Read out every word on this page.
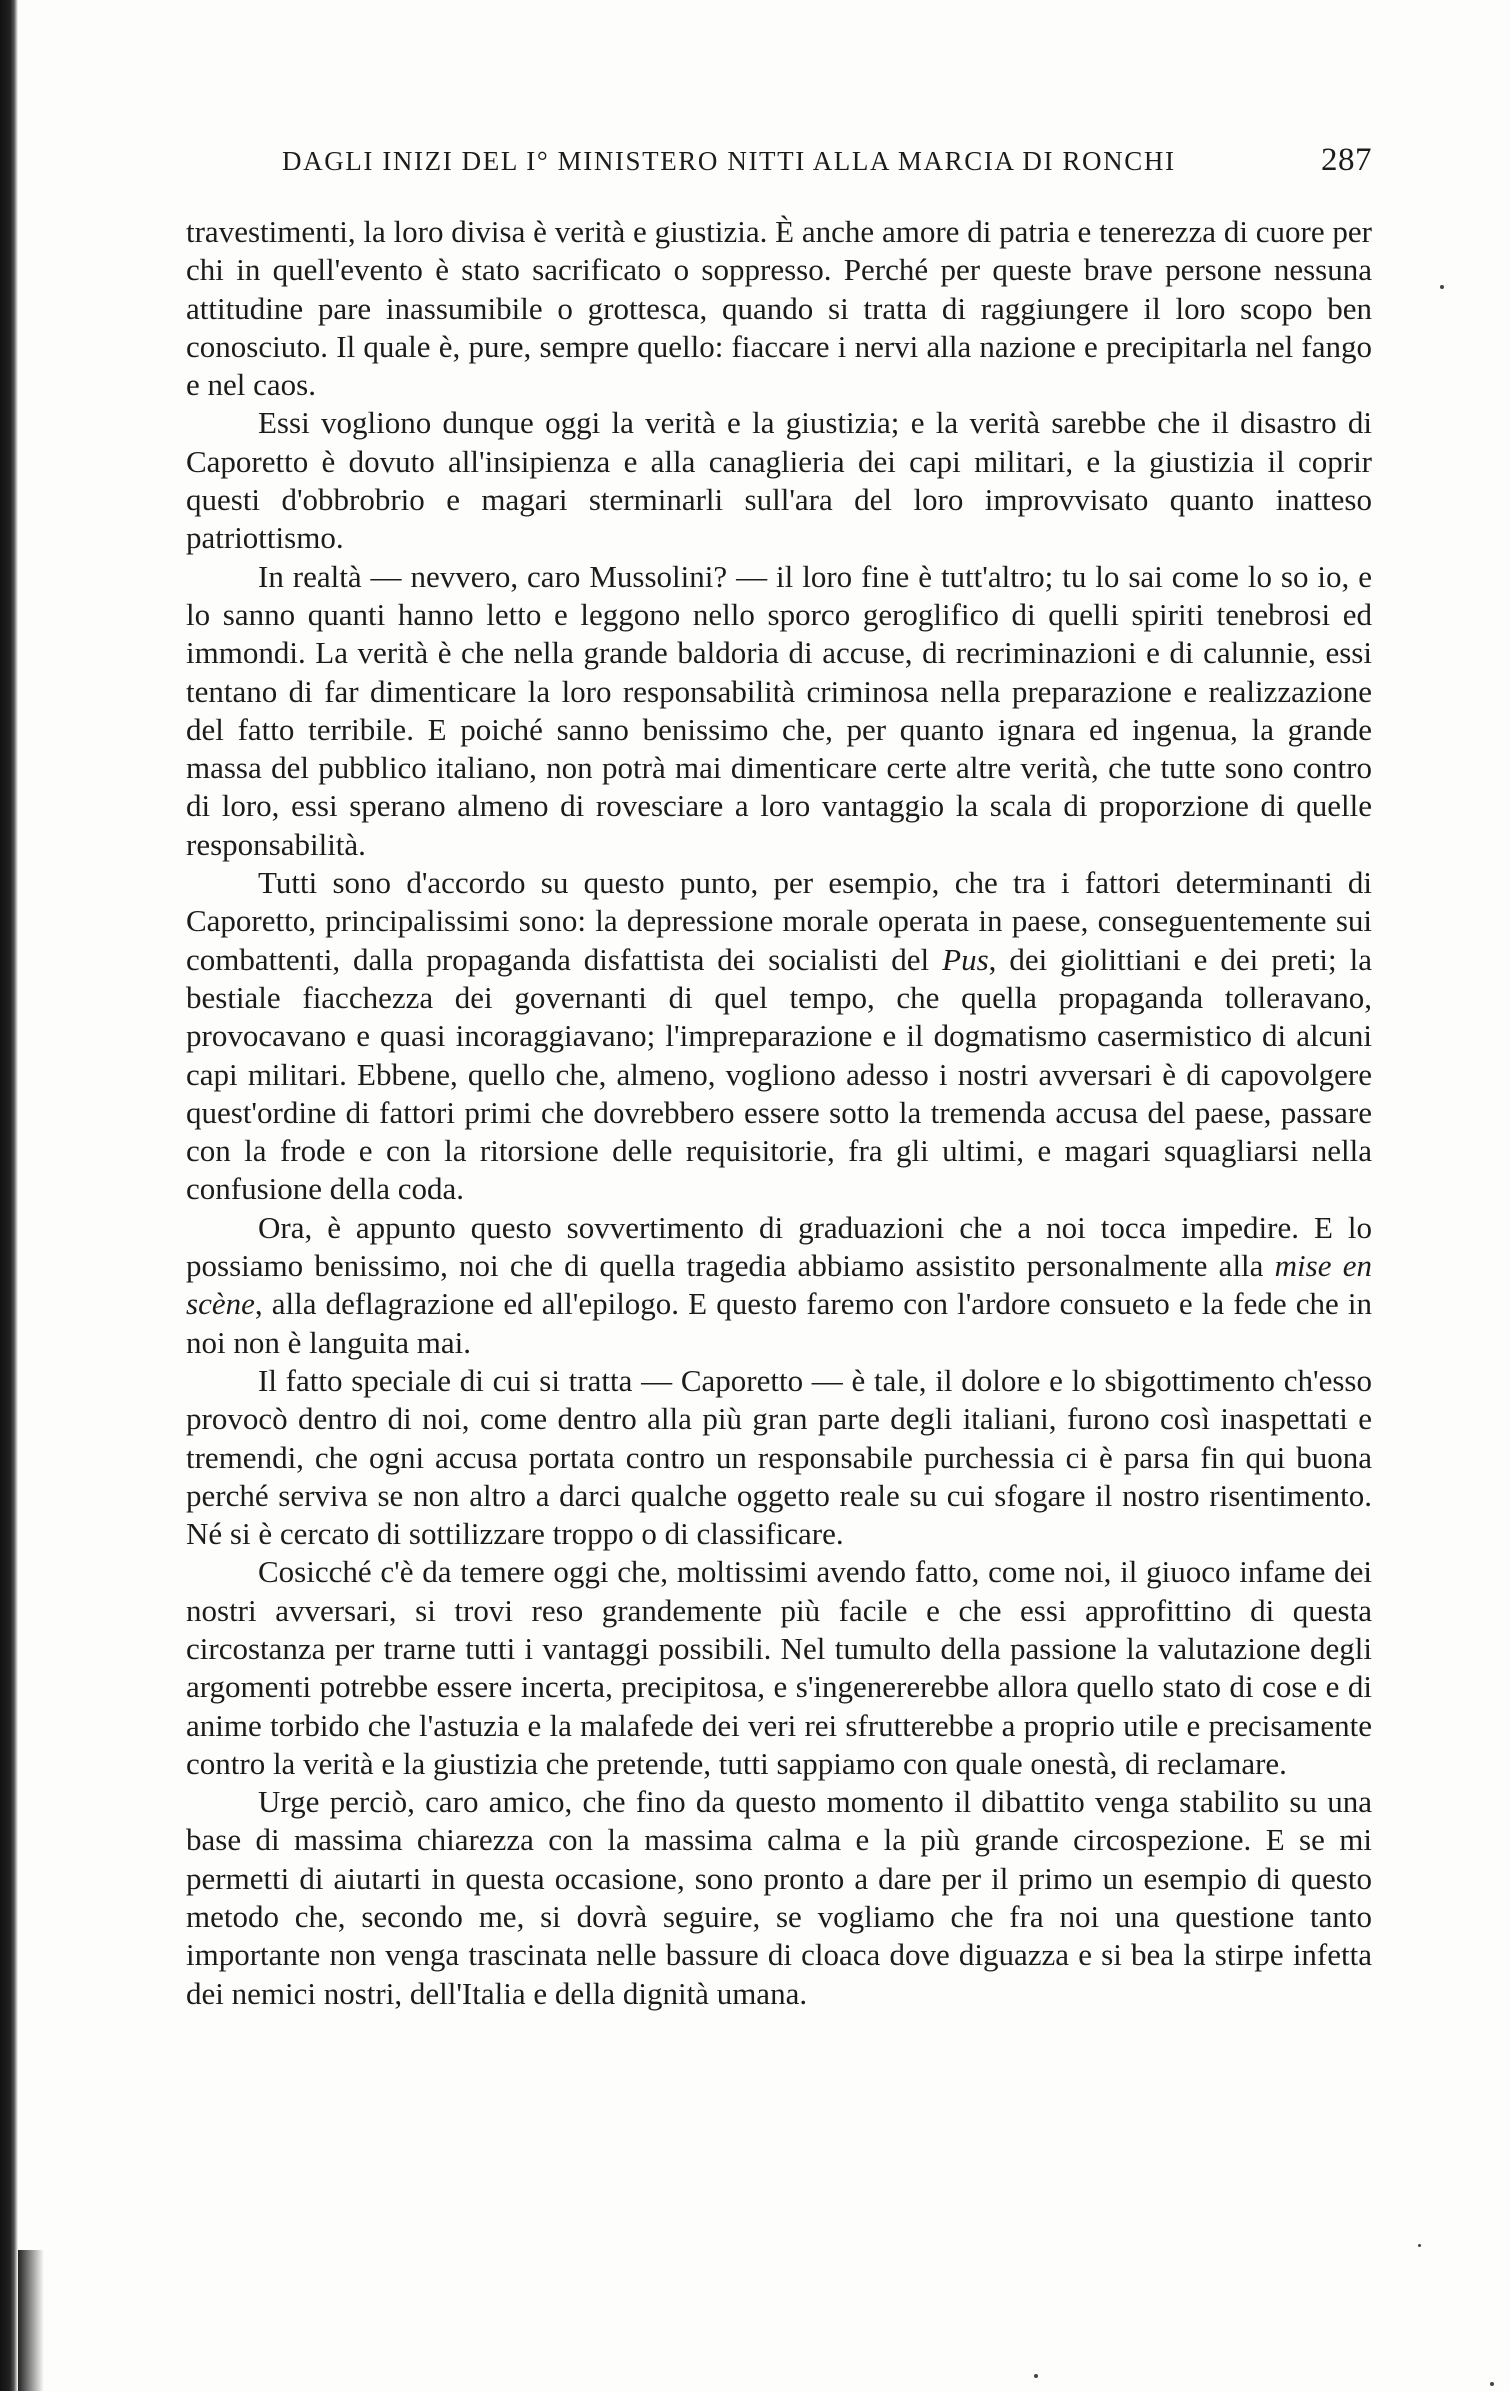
DAGLI INIZI DEL I° MINISTERO NITTI ALLA MARCIA DI RONCHI	287

travestimenti, la loro divisa è verità e giustizia. È anche amore di patria e tenerezza di cuore per chi in quell'evento è stato sacrificato o soppresso. Perché per queste brave persone nessuna attitudine pare inassumibile o grottesca, quando si tratta di raggiungere il loro scopo ben conosciuto. Il quale è, pure, sempre quello: fiaccare i nervi alla nazione e precipitarla nel fango e nel caos.

Essi vogliono dunque oggi la verità e la giustizia; e la verità sarebbe che il disastro di Caporetto è dovuto all'insipienza e alla canaglieria dei capi militari, e la giustizia il coprir questi d'obbrobrio e magari sterminarli sull'ara del loro improvvisato quanto inatteso patriottismo.

In realtà — nevvero, caro Mussolini? — il loro fine è tutt'altro; tu lo sai come lo so io, e lo sanno quanti hanno letto e leggono nello sporco geroglifico di quelli spiriti tenebrosi ed immondi. La verità è che nella grande baldoria di accuse, di recriminazioni e di calunnie, essi tentano di far dimenticare la loro responsabilità criminosa nella preparazione e realizzazione del fatto terribile. E poiché sanno benissimo che, per quanto ignara ed ingenua, la grande massa del pubblico italiano, non potrà mai dimenticare certe altre verità, che tutte sono contro di loro, essi sperano almeno di rovesciare a loro vantaggio la scala di proporzione di quelle responsabilità.

Tutti sono d'accordo su questo punto, per esempio, che tra i fattori determinanti di Caporetto, principalissimi sono: la depressione morale operata in paese, conseguentemente sui combattenti, dalla propaganda disfattista dei socialisti del Pus, dei giolittiani e dei preti; la bestiale fiacchezza dei governanti di quel tempo, che quella propaganda tolleravano, provocavano e quasi incoraggiavano; l'impreparazione e il dogmatismo casermistico di alcuni capi militari. Ebbene, quello che, almeno, vogliono adesso i nostri avversari è di capovolgere quest'ordine di fattori primi che dovrebbero essere sotto la tremenda accusa del paese, passare con la frode e con la ritorsione delle requisitorie, fra gli ultimi, e magari squagliarsi nella confusione della coda.

Ora, è appunto questo sovvertimento di graduazioni che a noi tocca impedire. E lo possiamo benissimo, noi che di quella tragedia abbiamo assistito personalmente alla mise en scène, alla deflagrazione ed all'epilogo. E questo faremo con l'ardore consueto e la fede che in noi non è languita mai.

Il fatto speciale di cui si tratta — Caporetto — è tale, il dolore e lo sbigottimento ch'esso provocò dentro di noi, come dentro alla più gran parte degli italiani, furono così inaspettati e tremendi, che ogni accusa portata contro un responsabile purchessia ci è parsa fin qui buona perché serviva se non altro a darci qualche oggetto reale su cui sfogare il nostro risentimento. Né si è cercato di sottilizzare troppo o di classificare.

Cosicché c'è da temere oggi che, moltissimi avendo fatto, come noi, il giuoco infame dei nostri avversari, si trovi reso grandemente più facile e che essi approfittino di questa circostanza per trarne tutti i vantaggi possibili. Nel tumulto della passione la valutazione degli argomenti potrebbe essere incerta, precipitosa, e s'ingenererebbe allora quello stato di cose e di anime torbido che l'astuzia e la malafede dei veri rei sfrutterebbe a proprio utile e precisamente contro la verità e la giustizia che pretende, tutti sappiamo con quale onestà, di reclamare.

Urge perciò, caro amico, che fino da questo momento il dibattito venga stabilito su una base di massima chiarezza con la massima calma e la più grande circospezione. E se mi permetti di aiutarti in questa occasione, sono pronto a dare per il primo un esempio di questo metodo che, secondo me, si dovrà seguire, se vogliamo che fra noi una questione tanto importante non venga trascinata nelle bassure di cloaca dove diguazza e si bea la stirpe infetta dei nemici nostri, dell'Italia e della dignità umana.
